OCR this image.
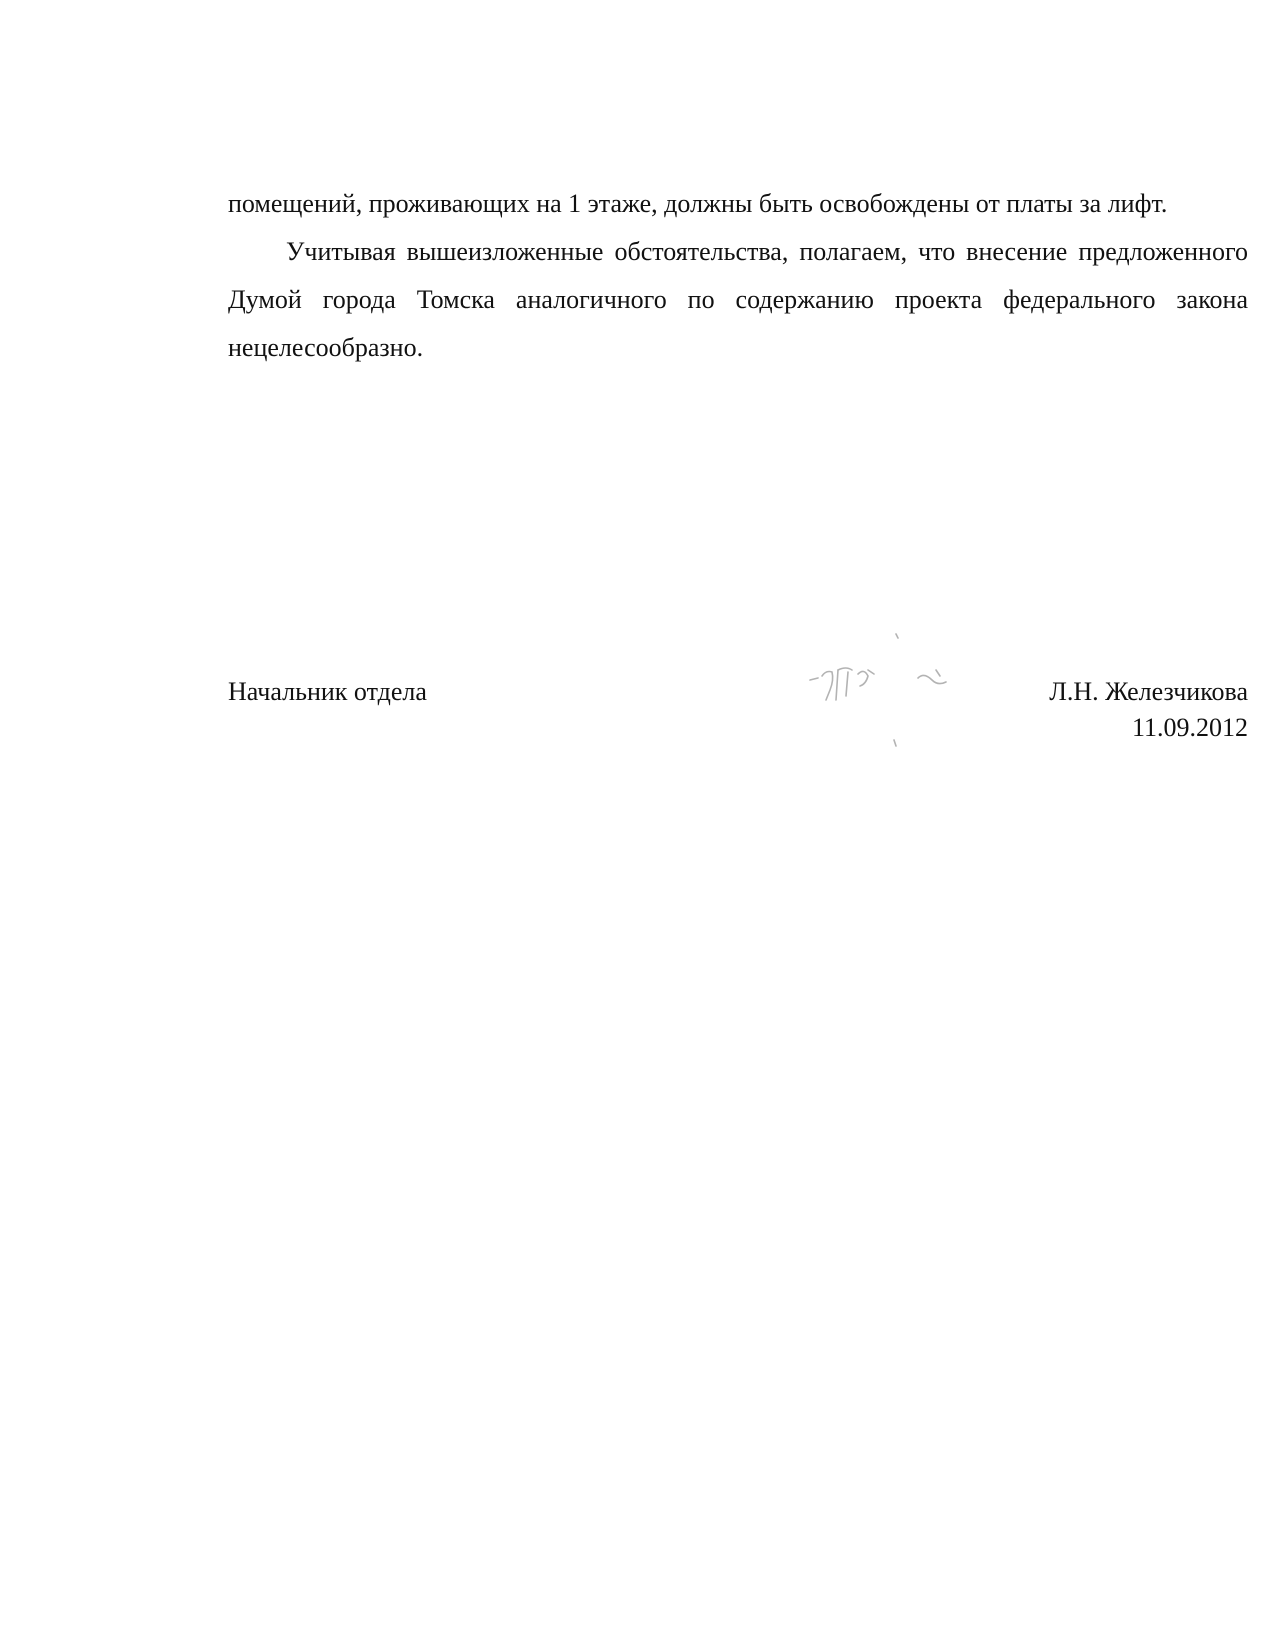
помещений, проживающих на 1 этаже, должны быть освобождены от платы за лифт.

Учитывая вышеизложенные обстоятельства, полагаем, что внесение предложенного Думой города Томска аналогичного по содержанию проекта федерального закона нецелесообразно.

Начальник отдела	Л.Н. Железчикова
11.09.2012
